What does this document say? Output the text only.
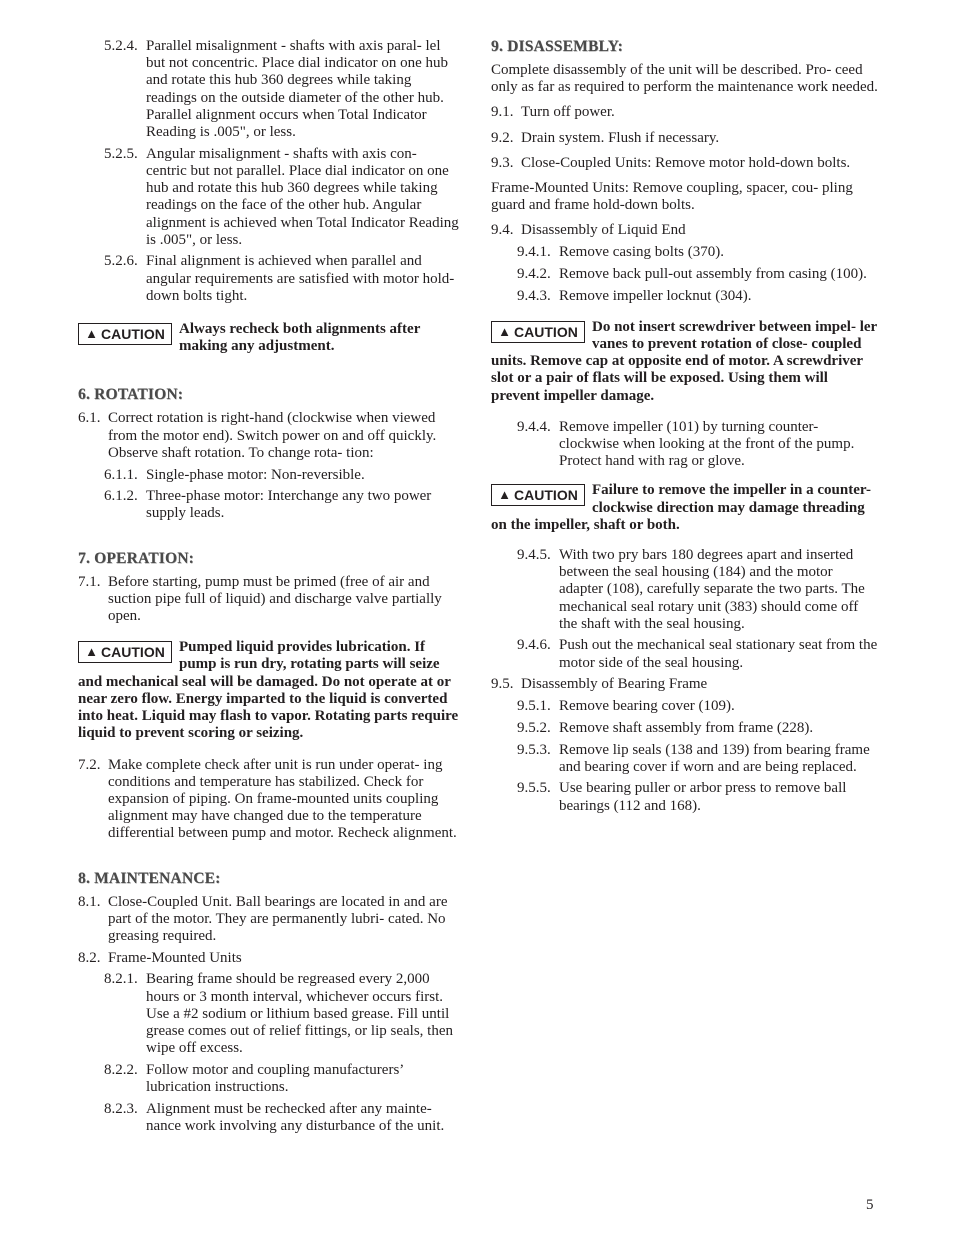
5.2.4. Parallel misalignment - shafts with axis paral- lel but not concentric. Place dial indicator on one hub and rotate this hub 360 degrees while taking readings on the outside diameter of the other hub. Parallel alignment occurs when Total Indicator Reading is .005", or less.
5.2.5. Angular misalignment - shafts with axis con- centric but not parallel. Place dial indicator on one hub and rotate this hub 360 degrees while taking readings on the face of the other hub. Angular alignment is achieved when Total Indicator Reading is .005", or less.
5.2.6. Final alignment is achieved when parallel and angular requirements are satisfied with motor hold-down bolts tight.
▲ CAUTION Always recheck both alignments after making any adjustment.
6. ROTATION:
6.1. Correct rotation is right-hand (clockwise when viewed from the motor end). Switch power on and off quickly. Observe shaft rotation. To change rota- tion:
6.1.1. Single-phase motor: Non-reversible.
6.1.2. Three-phase motor: Interchange any two power supply leads.
7. OPERATION:
7.1. Before starting, pump must be primed (free of air and suction pipe full of liquid) and discharge valve partially open.
▲ CAUTION Pumped liquid provides lubrication. If pump is run dry, rotating parts will seize and mechanical seal will be damaged. Do not operate at or near zero flow. Energy imparted to the liquid is converted into heat. Liquid may flash to vapor. Rotating parts require liquid to prevent scoring or seizing.
7.2. Make complete check after unit is run under operat- ing conditions and temperature has stabilized. Check for expansion of piping. On frame-mounted units coupling alignment may have changed due to the temperature differential between pump and motor. Recheck alignment.
8. MAINTENANCE:
8.1. Close-Coupled Unit. Ball bearings are located in and are part of the motor. They are permanently lubri- cated. No greasing required.
8.2. Frame-Mounted Units
8.2.1. Bearing frame should be regreased every 2,000 hours or 3 month interval, whichever occurs first. Use a #2 sodium or lithium based grease. Fill until grease comes out of relief fittings, or lip seals, then wipe off excess.
8.2.2. Follow motor and coupling manufacturers’ lubrication instructions.
8.2.3. Alignment must be rechecked after any mainte- nance work involving any disturbance of the unit.
9. DISASSEMBLY:
Complete disassembly of the unit will be described. Pro- ceed only as far as required to perform the maintenance work needed.
9.1. Turn off power.
9.2. Drain system. Flush if necessary.
9.3. Close-Coupled Units: Remove motor hold-down bolts.
Frame-Mounted Units: Remove coupling, spacer, cou- pling guard and frame hold-down bolts.
9.4. Disassembly of Liquid End
9.4.1. Remove casing bolts (370).
9.4.2. Remove back pull-out assembly from casing (100).
9.4.3. Remove impeller locknut (304).
▲ CAUTION Do not insert screwdriver between impel- ler vanes to prevent rotation of close- coupled units. Remove cap at opposite end of motor. A screwdriver slot or a pair of flats will be exposed. Using them will prevent impeller damage.
9.4.4. Remove impeller (101) by turning counter- clockwise when looking at the front of the pump. Protect hand with rag or glove.
▲ CAUTION Failure to remove the impeller in a counter-clockwise direction may damage threading on the impeller, shaft or both.
9.4.5. With two pry bars 180 degrees apart and inserted between the seal housing (184) and the motor adapter (108), carefully separate the two parts. The mechanical seal rotary unit (383) should come off the shaft with the seal housing.
9.4.6. Push out the mechanical seal stationary seat from the motor side of the seal housing.
9.5. Disassembly of Bearing Frame
9.5.1. Remove bearing cover (109).
9.5.2. Remove shaft assembly from frame (228).
9.5.3. Remove lip seals (138 and 139) from bearing frame and bearing cover if worn and are being replaced.
9.5.5. Use bearing puller or arbor press to remove ball bearings (112 and 168).
5
